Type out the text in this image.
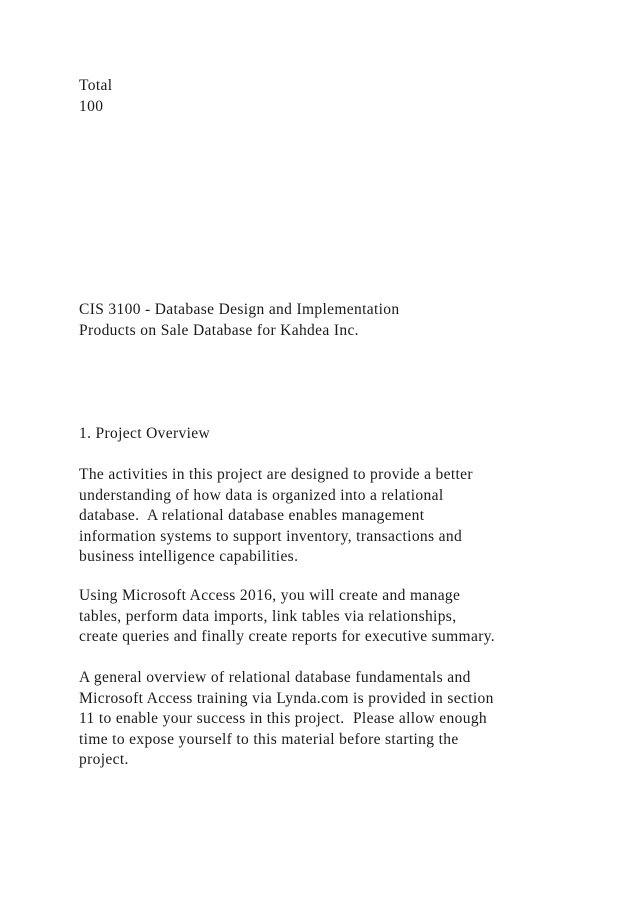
Total
100
CIS 3100 - Database Design and Implementation
Products on Sale Database for Kahdea Inc.
1. Project Overview
The activities in this project are designed to provide a better
understanding of how data is organized into a relational
database.  A relational database enables management
information systems to support inventory, transactions and
business intelligence capabilities.
Using Microsoft Access 2016, you will create and manage
tables, perform data imports, link tables via relationships,
create queries and finally create reports for executive summary.
A general overview of relational database fundamentals and
Microsoft Access training via Lynda.com is provided in section
11 to enable your success in this project.  Please allow enough
time to expose yourself to this material before starting the
project.
